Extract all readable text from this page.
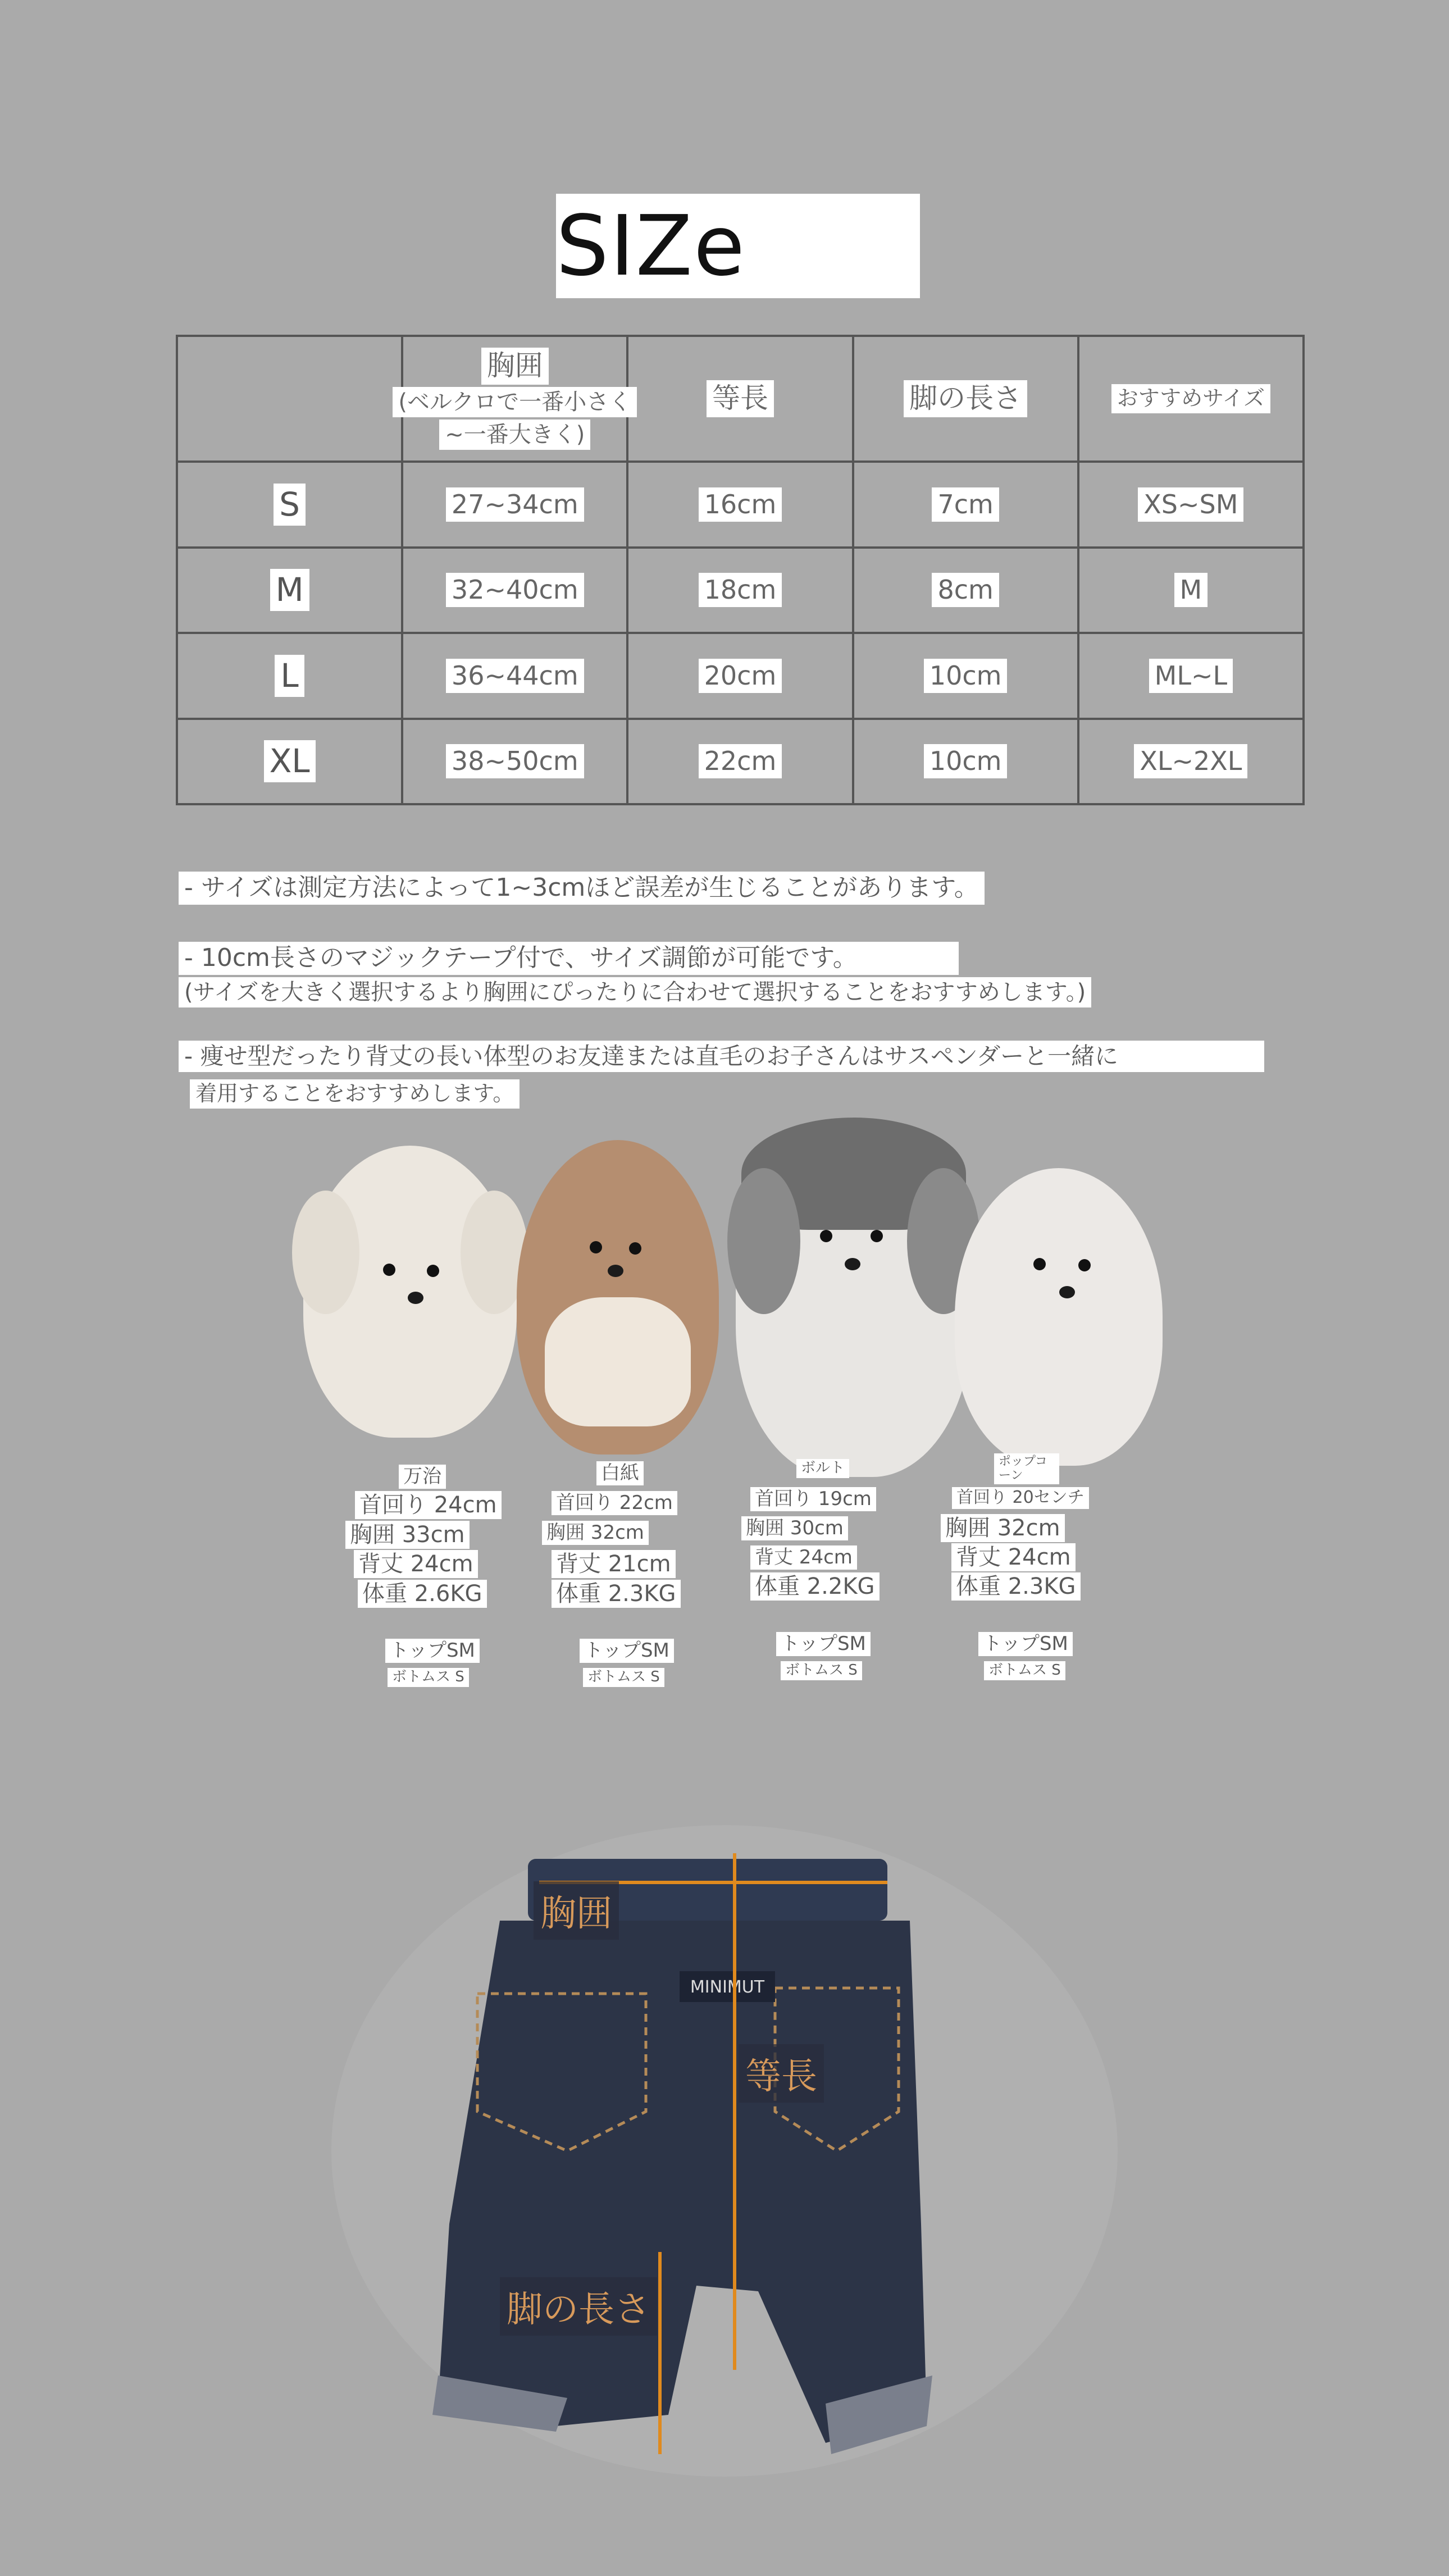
SIZe

	胸囲
(ベルクロで一番小さく
~一番大きく)	等長	脚の長さ	おすすめサイズ
S	27~34cm	16cm	7cm	XS~SM
M	32~40cm	18cm	8cm	M
L	36~44cm	20cm	10cm	ML~L
XL	38~50cm	22cm	10cm	XL~2XL
- サイズは測定方法によって1~3cmほど誤差が生じることがあります。
- 10cm長さのマジックテープ付で、サイズ調節が可能です。
(サイズを大きく選択するより胸囲にぴったりに合わせて選択することをおすすめします。)
- 痩せ型だったり背丈の長い体型のお友達または直毛のお子さんはサスペンダーと一緒に
着用することをおすすめします。
万治
首回り 24cm
胸囲 33cm
背丈 24cm
体重 2.6KG
トップSM
ボトムス S
白紙
首回り 22cm
胸囲 32cm
背丈 21cm
体重 2.3KG
トップSM
ボトムス S
ボルト
首回り 19cm
胸囲 30cm
背丈 24cm
体重 2.2KG
トップSM
ボトムス S
ポップコーン
首回り 20センチ
胸囲 32cm
背丈 24cm
体重 2.3KG
トップSM
ボトムス S
MINIMUT
胸囲
等長
脚の長さ
